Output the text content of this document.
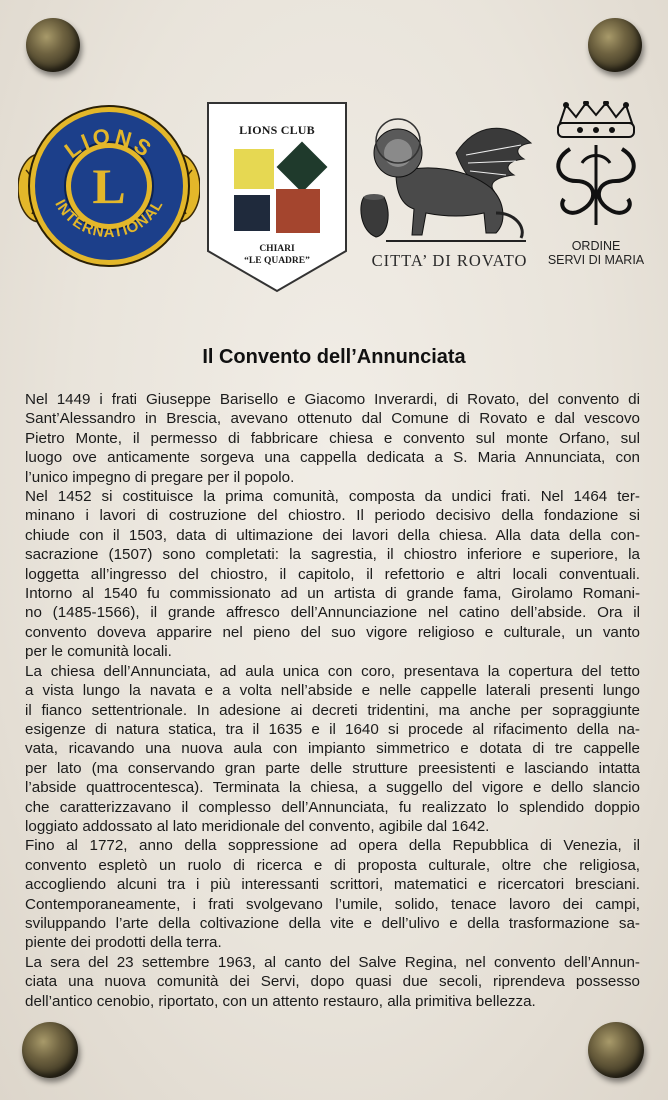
LIONS
INTERNATIONAL
L
LIONS CLUB
CHIARI
“LE QUADRE”	CITTA’ DI ROVATO
ORDINE
SERVI DI MARIA
Il Convento dell’Annunciata
Nel 1449 i frati Giuseppe Barisello e Giacomo Inverardi, di Rovato, del convento di
Sant’Alessandro in Brescia, avevano ottenuto dal Comune di Rovato e dal vescovo
Pietro Monte, il permesso di fabbricare chiesa e convento sul monte Orfano, sul
luogo ove anticamente sorgeva una cappella dedicata a S. Maria Annunciata, con
l’unico impegno di pregare per il popolo.
Nel 1452 si costituisce la prima comunità, composta da undici frati. Nel 1464 ter-
minano i lavori di costruzione del chiostro. Il periodo decisivo della fondazione si
chiude con il 1503, data di ultimazione dei lavori della chiesa. Alla data della con-
sacrazione (1507) sono completati: la sagrestia, il chiostro inferiore e superiore, la
loggetta all’ingresso del chiostro, il capitolo, il refettorio e altri locali conventuali.
Intorno al 1540 fu commissionato ad un artista di grande fama, Girolamo Romani-
no (1485-1566), il grande affresco dell’Annunciazione nel catino dell’abside. Ora il
convento doveva apparire nel pieno del suo vigore religioso e culturale, un vanto
per le comunità locali.
La chiesa dell’Annunciata, ad aula unica con coro, presentava la copertura del tetto
a vista lungo la navata e a volta nell’abside e nelle cappelle laterali presenti lungo
il fianco settentrionale. In adesione ai decreti tridentini, ma anche per sopraggiunte
esigenze di natura statica, tra il 1635 e il 1640 si procede al rifacimento della na-
vata, ricavando una nuova aula con impianto simmetrico e dotata di tre cappelle
per lato (ma conservando gran parte delle strutture preesistenti e lasciando intatta
l’abside quattrocentesca). Terminata la chiesa, a suggello del vigore e dello slancio
che caratterizzavano il complesso dell’Annunciata, fu realizzato lo splendido doppio
loggiato addossato al lato meridionale del convento, agibile dal 1642.
Fino al 1772, anno della soppressione ad opera della Repubblica di Venezia, il
convento espletò un ruolo di ricerca e di proposta culturale, oltre che religiosa,
accogliendo alcuni tra i più interessanti scrittori, matematici e ricercatori bresciani.
Contemporaneamente, i frati svolgevano l’umile, solido, tenace lavoro dei campi,
sviluppando l’arte della coltivazione della vite e dell’ulivo e della trasformazione sa-
piente dei prodotti della terra.
La sera del 23 settembre 1963, al canto del Salve Regina, nel convento dell’Annun-
ciata una nuova comunità dei Servi, dopo quasi due secoli, riprendeva possesso
dell’antico cenobio, riportato, con un attento restauro, alla primitiva bellezza.
